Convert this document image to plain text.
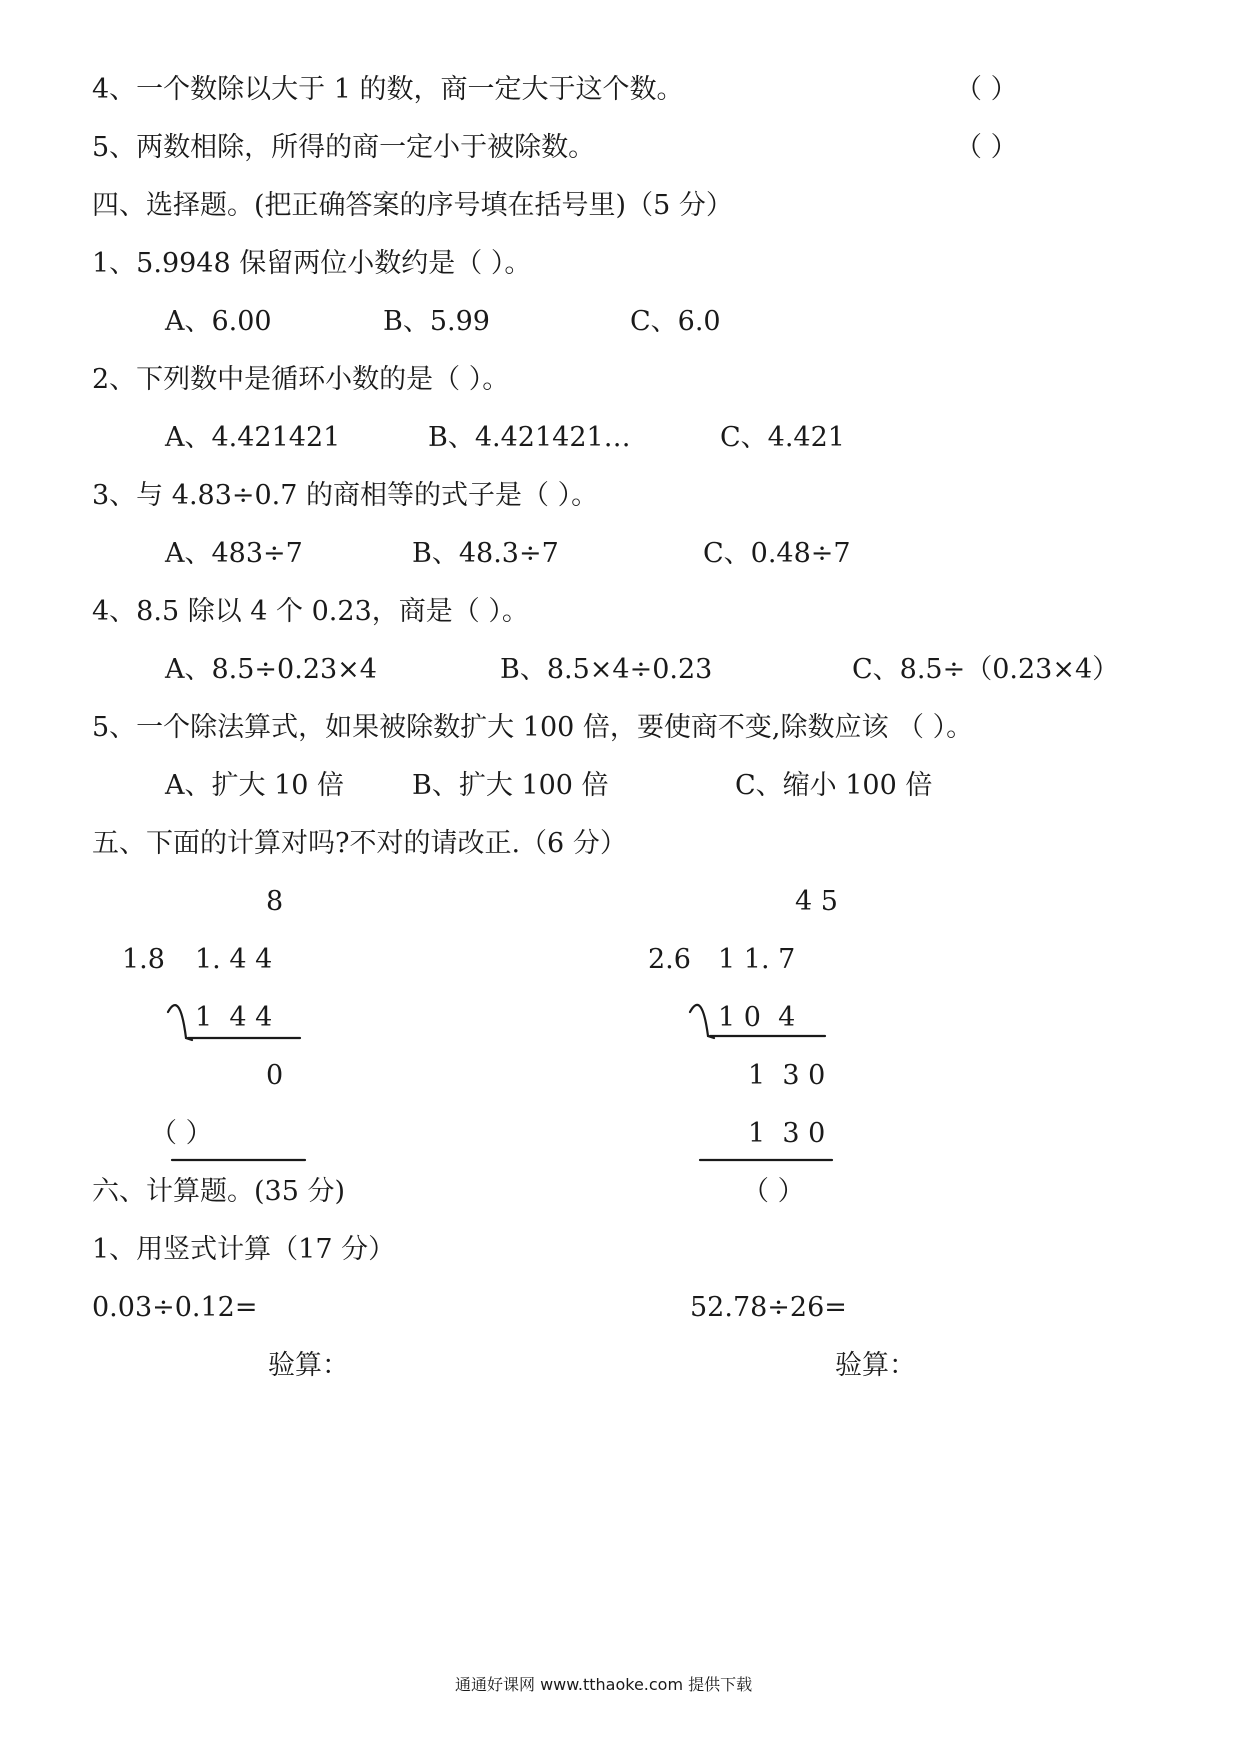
4、一个数除以大于 1 的数，商一定大于这个数。	（ ）
5、两数相除，所得的商一定小于被除数。	（ ）
四、选择题。(把正确答案的序号填在括号里)（5 分）
1、5.9948 保留两位小数约是（ ）。
A、6.00	B、5.99	C、6.0
2、下列数中是循环小数的是（ ）。
A、4.421421	B、4.421421…	C、4.421
3、与 4.83÷0.7 的商相等的式子是（ ）。
A、483÷7	B、48.3÷7	C、0.48÷7
4、8.5 除以 4 个 0.23，商是（ ）。
A、8.5÷0.23×4	B、8.5×4÷0.23	C、8.5÷（0.23×4）
5、一个除法算式，如果被除数扩大 100 倍，要使商不变,除数应该 （ ）。
A、扩大 10 倍	B、扩大 100 倍	C、缩小 100 倍
五、下面的计算对吗?不对的请改正.（6 分）
8
1.8 1. 4 4
1  4 4
0
（ ）
4 5
2.6 1 1. 7
1 0  4
1  3 0
1  3 0
（ ）
六、计算题。(35 分)
1、用竖式计算（17 分）
0.03÷0.12=	52.78÷26=
验算：	验算：
通通好课网 www.tthaoke.com 提供下载
